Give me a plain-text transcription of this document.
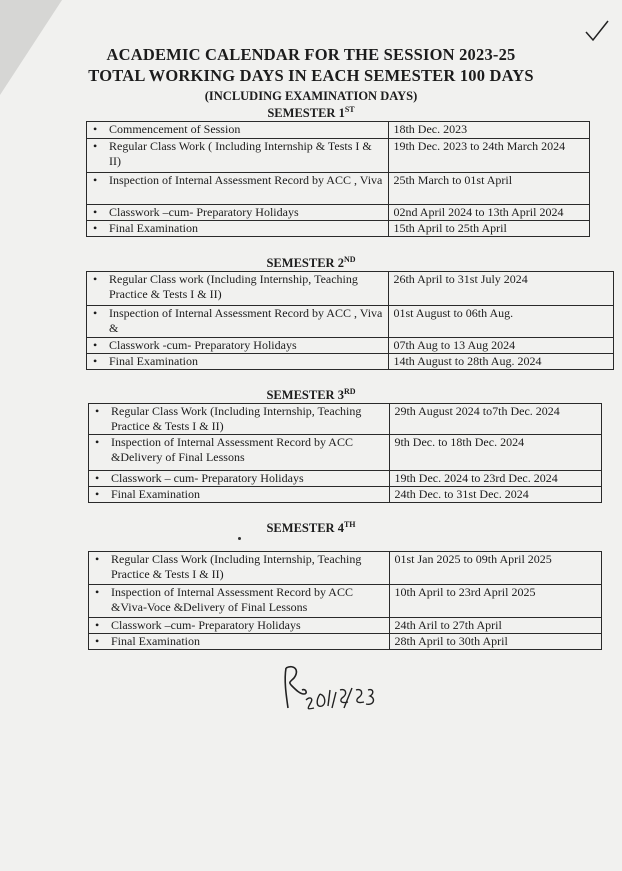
ACADEMIC CALENDAR FOR THE SESSION 2023-25
TOTAL WORKING DAYS IN EACH SEMESTER 100 DAYS
(INCLUDING EXAMINATION DAYS)
SEMESTER 1ST
• Commencement of Session	18th Dec. 2023
• Regular Class Work ( Including Internship & Tests I & II)	19th Dec. 2023 to 24th March 2024
• Inspection of Internal Assessment Record by ACC , Viva	25th March to 01st April
• Classwork –cum- Preparatory Holidays	02nd April 2024 to 13th April 2024
• Final Examination	15th April to 25th April
SEMESTER 2ND
• Regular Class work (Including Internship, Teaching Practice & Tests I & II)	26th April to 31st July 2024
• Inspection of Internal Assessment Record by ACC , Viva &	01st August to 06th Aug.
• Classwork -cum- Preparatory Holidays	07th Aug to 13 Aug 2024
• Final Examination	14th August to 28th Aug. 2024
SEMESTER 3RD
• Regular Class Work (Including Internship, Teaching Practice & Tests I & II)	29th August 2024 to7th Dec. 2024
• Inspection of Internal Assessment Record by ACC &Delivery of Final Lessons	9th Dec. to 18th Dec. 2024
• Classwork – cum- Preparatory Holidays	19th Dec. 2024 to 23rd Dec. 2024
• Final Examination	24th Dec. to 31st Dec. 2024
SEMESTER 4TH
• Regular Class Work (Including Internship, Teaching Practice & Tests I & II)	01st Jan 2025 to 09th April 2025
• Inspection of Internal Assessment Record by ACC &Viva-Voce &Delivery of Final Lessons	10th April to 23rd April 2025
• Classwork –cum- Preparatory Holidays	24th Aril to 27th April
• Final Examination	28th April to 30th April
